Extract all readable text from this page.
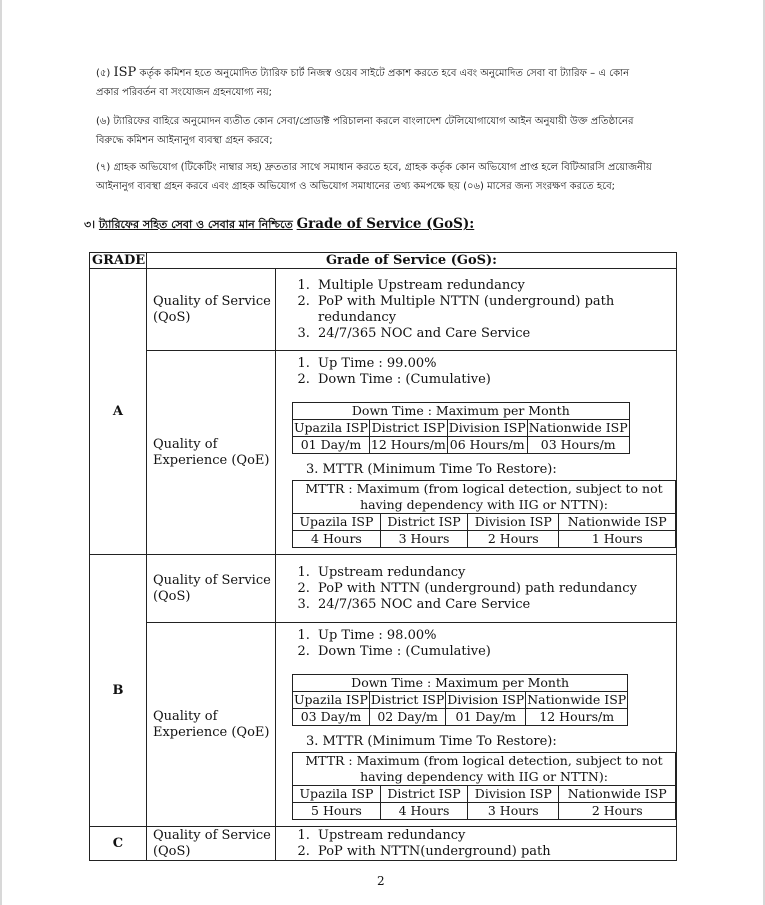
(৫) ISP কর্তৃক কমিশন হতে অনুমোদিত ট্যারিফ চার্ট নিজস্ব ওয়েব সাইটে প্রকাশ করতে হবে এবং অনুমোদিত সেবা বা ট্যারিফ – এ কোন
প্রকার পরিবর্তন বা সংযোজন গ্রহনযোগ্য নয়;
(৬) ট্যারিফের বাহিরে অনুমোদন ব্যতীত কোন সেবা/প্রোডাক্ট পরিচালনা করলে বাংলাদেশ টেলিযোগাযোগ আইন অনুযায়ী উক্ত প্রতিষ্ঠানের
বিরুদ্ধে কমিশন আইনানুগ ব্যবস্থা গ্রহন করবে;
(৭) গ্রাহক অভিযোগ (টিকেটিং নাম্বার সহ) দ্রুততার সাথে সমাধান করতে হবে, গ্রাহক কর্তৃক কোন অভিযোগ প্রাপ্ত হলে বিটিআরসি প্রয়োজনীয়
আইনানুগ ব্যবস্থা গ্রহন করবে এবং গ্রাহক অভিযোগ ও অভিযোগ সমাধানের তথ্য কমপক্ষে ছয় (০৬) মাসের জন্য সংরক্ষণ করতে হবে;
৩। ট্যারিফের সহিত সেবা ও সেবার মান নিশ্চিতে Grade of Service (GoS):
GRADE	Grade of Service (GoS):
A	Quality of Service (QoS)	
1. Multiple Upstream redundancy
2. PoP with Multiple NTTN (underground) path redundancy
3. 24/7/365 NOC and Care Service

Quality of Experience (QoE)	
1. Up Time : 99.00%
2. Down Time : (Cumulative)
Down Time : Maximum per Month
Upazila ISP	District ISP	Division ISP	Nationwide ISP
01 Day/m	12 Hours/m	06 Hours/m	03 Hours/m
3. MTTR (Minimum Time To Restore):
MTTR : Maximum (from logical detection, subject to not having dependency with IIG or NTTN):
Upazila ISP	District ISP	Division ISP	Nationwide ISP
4 Hours	3 Hours	2 Hours	1 Hours

B	Quality of Service (QoS)	
1. Upstream redundancy
2. PoP with NTTN (underground) path redundancy
3. 24/7/365 NOC and Care Service

Quality of Experience (QoE)	
1. Up Time : 98.00%
2. Down Time : (Cumulative)
Down Time : Maximum per Month
Upazila ISP	District ISP	Division ISP	Nationwide ISP
03 Day/m	02 Day/m	01 Day/m	12 Hours/m
3. MTTR (Minimum Time To Restore):
MTTR : Maximum (from logical detection, subject to not having dependency with IIG or NTTN):
Upazila ISP	District ISP	Division ISP	Nationwide ISP
5 Hours	4 Hours	3 Hours	2 Hours

C	Quality of Service (QoS)	
1. Upstream redundancy
2. PoP with NTTN(underground) path
2
